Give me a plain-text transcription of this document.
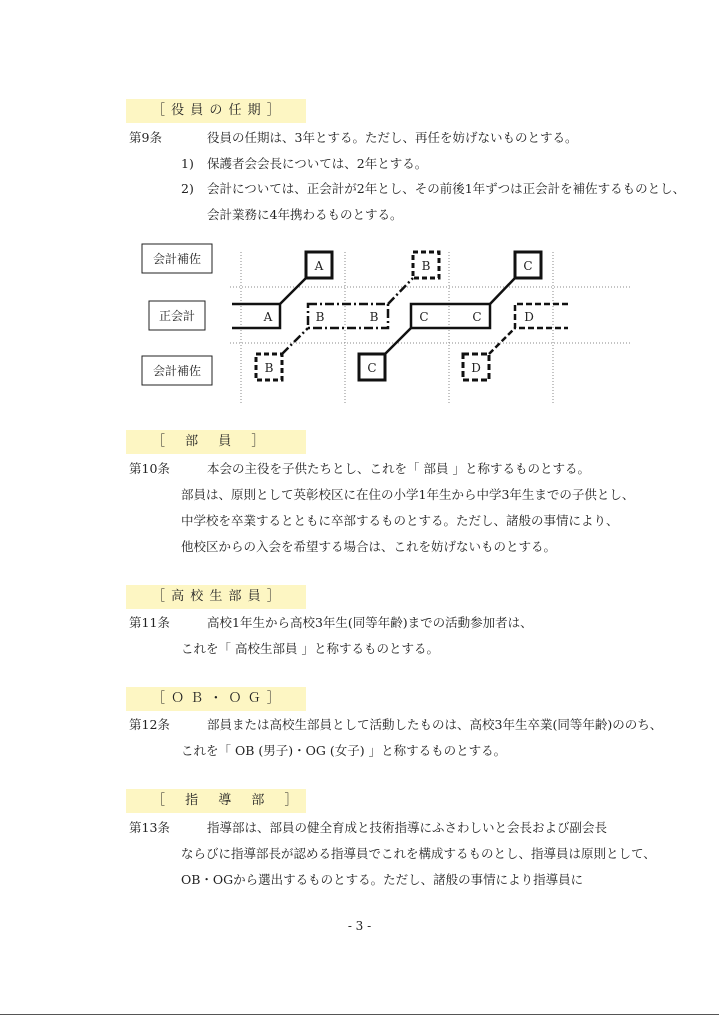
［ 役 員 の 任 期 ］
第9条	役員の任期は、3年とする。ただし、再任を妨げないものとする。
1) 保護者会会長については、2年とする。
2) 会計については、正会計が2年とし、その前後1年ずつは正会計を補佐するものとし、
会計業務に4年携わるものとする。
会計補佐
正会計
会計補佐
A
A
B
B	B
B
C
C	C
C
D
D
［　 部　 員　 ］
第10条	本会の主役を子供たちとし、これを「 部員 」と称するものとする。
部員は、原則として英彰校区に在住の小学1年生から中学3年生までの子供とし、
中学校を卒業するとともに卒部するものとする。ただし、諸般の事情により、
他校区からの入会を希望する場合は、これを妨げないものとする。
［ 高 校 生 部 員 ］
第11条	高校1年生から高校3年生(同等年齢)までの活動参加者は、
これを「 高校生部員 」と称するものとする。
［ Ｏ Ｂ ・ Ｏ Ｇ ］
第12条	部員または高校生部員として活動したものは、高校3年生卒業(同等年齢)ののち、
これを「 OB (男子)・OG (女子) 」と称するものとする。
［　 指　 導　 部　 ］
第13条	指導部は、部員の健全育成と技術指導にふさわしいと会長および副会長
ならびに指導部長が認める指導員でこれを構成するものとし、指導員は原則として、
OB・OGから選出するものとする。ただし、諸般の事情により指導員に
- 3 -
